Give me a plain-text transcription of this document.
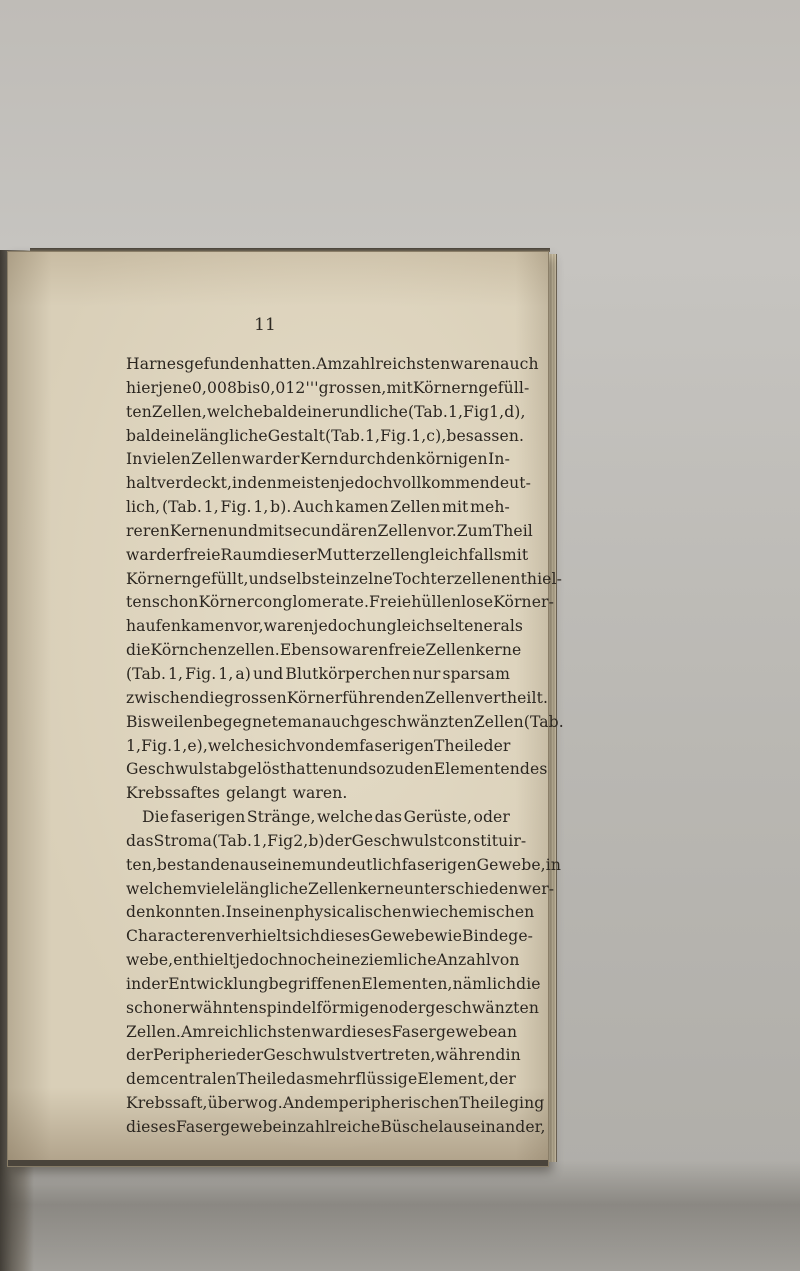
11

Harnes gefunden hatten. Am zahlreichsten waren auch
hier jene 0,008 bis 0,012''' grossen, mit Körnern gefüll-
ten Zellen, welche bald eine rundliche (Tab. 1, Fig 1, d),
bald eine längliche Gestalt (Tab. 1, Fig. 1, c), besassen.
In vielen Zellen war der Kern durch den körnigen In-
halt verdeckt, in den meisten jedoch vollkommen deut-
lich, (Tab. 1, Fig. 1, b). Auch kamen Zellen mit meh-
reren Kernen und mit secundären Zellen vor. Zum Theil
war der freie Raum dieser Mutterzellen gleichfalls mit
Körnern gefüllt, und selbst einzelne Tochterzellen enthiel-
ten schon Körnerconglomerate. Freie hüllenlose Körner-
haufen kamen vor, waren jedoch ungleich seltener als
die Körnchenzellen. Ebenso waren freie Zellenkerne
(Tab. 1, Fig. 1, a) und Blutkörperchen nur sparsam
zwischen die grossen Körner führenden Zellen vertheilt.
Bisweilen begegnete man auch geschwänzten Zellen (Tab.
1, Fig. 1, e), welche sich von dem faserigen Theile der
Geschwulst abgelöst hatten und so zu den Elementen des
Krebssaftes gelangt waren.
Die faserigen Stränge, welche das Gerüste, oder
das Stroma (Tab. 1, Fig 2, b) der Geschwulst constituir-
ten, bestanden aus einem undeutlich faserigen Gewebe, in
welchem viele längliche Zellenkerne unterschieden wer-
den konnten. In seinen physicalischen wie chemischen
Characteren verhielt sich dieses Gewebe wie Bindege-
webe, enthielt jedoch noch eine ziemliche Anzahl von
in der Entwicklung begriffenen Elementen, nämlich die
schon erwähnten spindelförmigen oder geschwänzten
Zellen. Am reichlichsten war dieses Fasergewebe an
der Peripherie der Geschwulst vertreten, während in
dem centralen Theile das mehr flüssige Element, der
Krebssaft, überwog. An dem peripherischen Theile ging
dieses Fasergewebe in zahlreiche Büschel auseinander,
